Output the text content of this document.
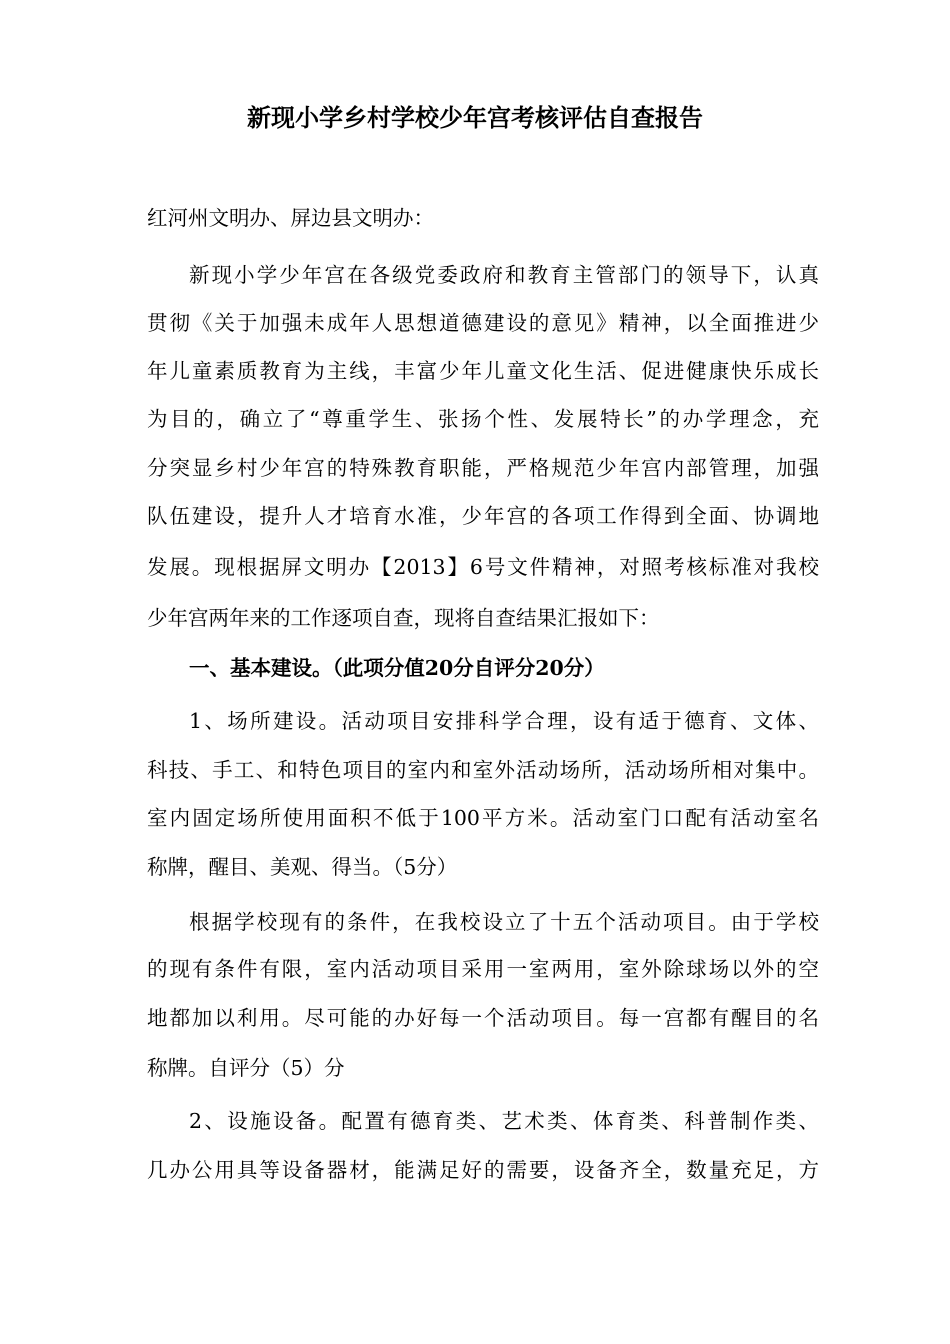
新现小学乡村学校少年宫考核评估自查报告
红河州文明办、屏边县文明办：
新现小学少年宫在各级党委政府和教育主管部门的领导下，认真
贯彻《关于加强未成年人思想道德建设的意见》精神，以全面推进少
年儿童素质教育为主线，丰富少年儿童文化生活、促进健康快乐成长
为目的，确立了“尊重学生、张扬个性、发展特长”的办学理念，充
分突显乡村少年宫的特殊教育职能，严格规范少年宫内部管理，加强
队伍建设，提升人才培育水准，少年宫的各项工作得到全面、协调地
发展。现根据屏文明办【2013】6号文件精神，对照考核标准对我校
少年宫两年来的工作逐项自查，现将自查结果汇报如下：
一、基本建设。（此项分值20分自评分20分）
1、场所建设。活动项目安排科学合理，设有适于德育、文体、
科技、手工、和特色项目的室内和室外活动场所，活动场所相对集中。
室内固定场所使用面积不低于100平方米。活动室门口配有活动室名
称牌，醒目、美观、得当。（5分）
根据学校现有的条件，在我校设立了十五个活动项目。由于学校
的现有条件有限，室内活动项目采用一室两用，室外除球场以外的空
地都加以利用。尽可能的办好每一个活动项目。每一宫都有醒目的名
称牌。自评分（5）分
2、设施设备。配置有德育类、艺术类、体育类、科普制作类、
几办公用具等设备器材，能满足好的需要，设备齐全，数量充足，方
